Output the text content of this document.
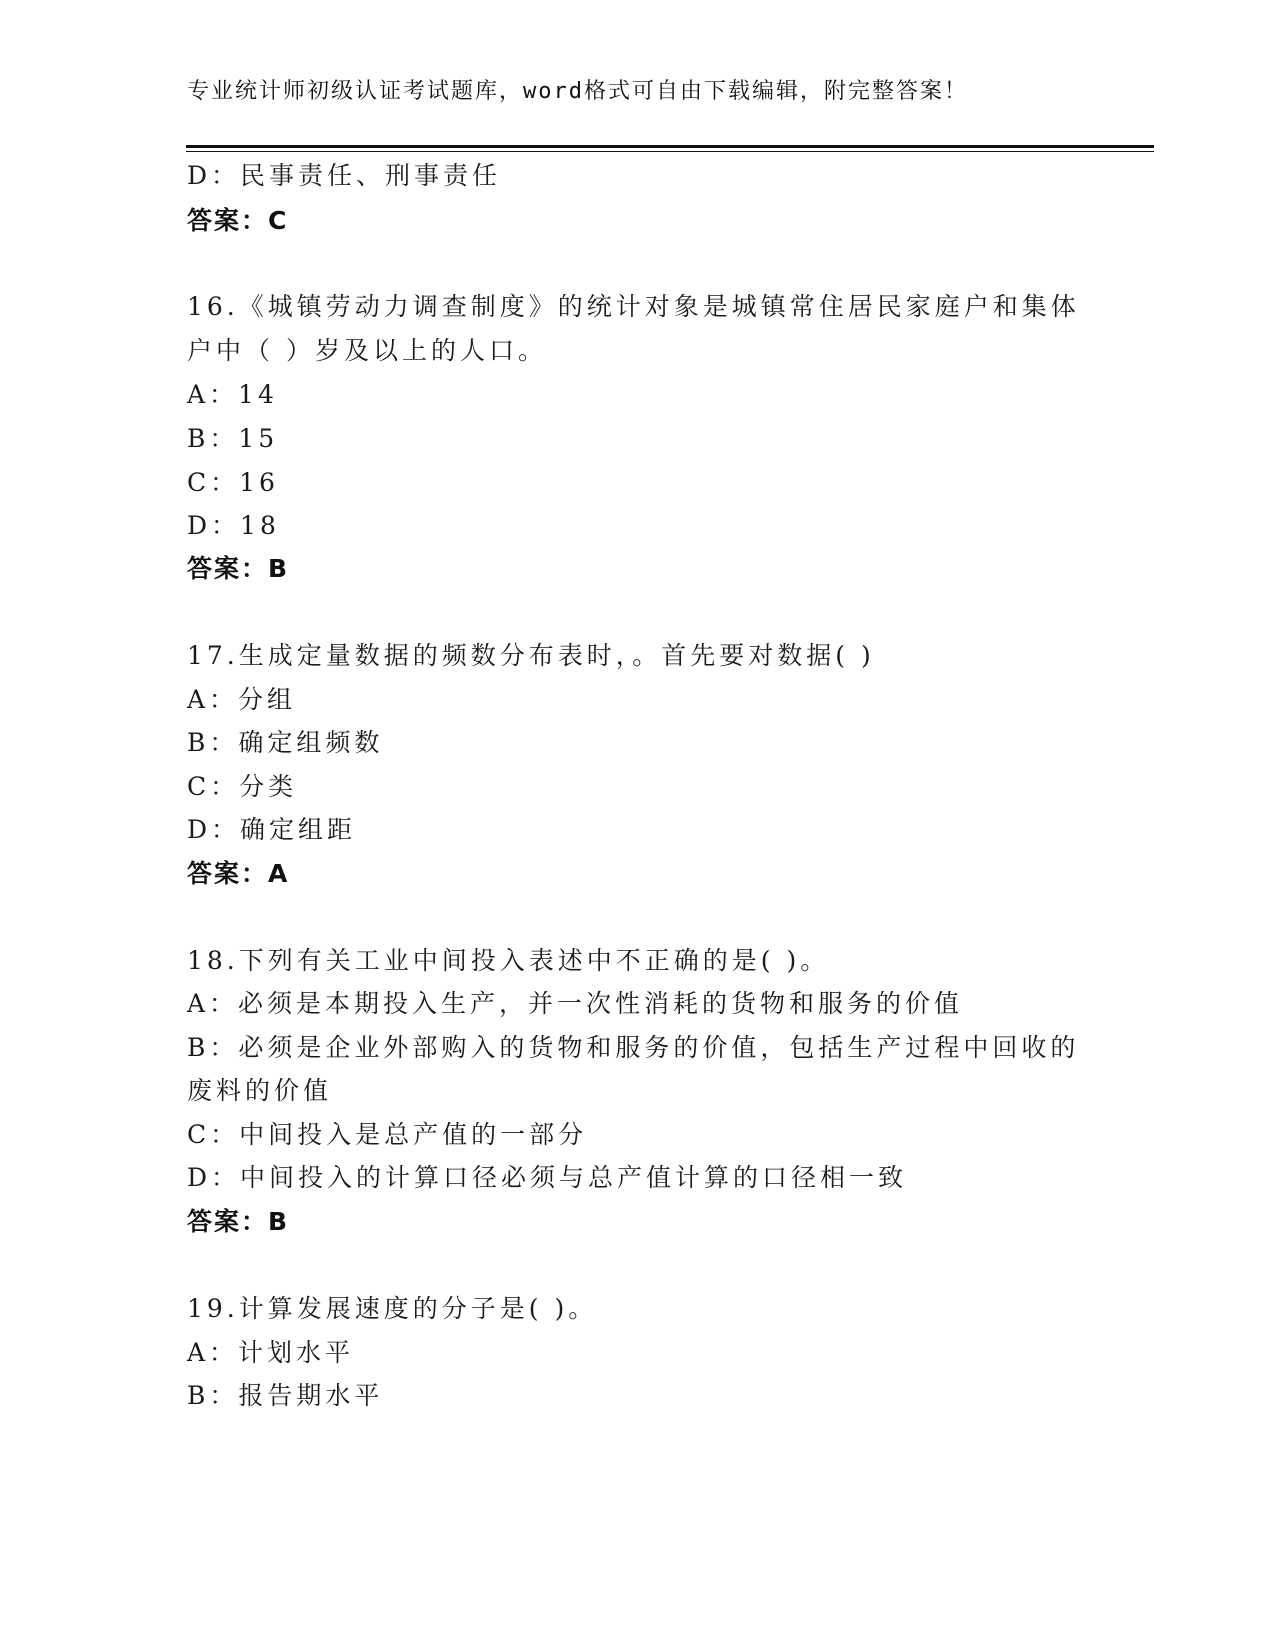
专业统计师初级认证考试题库，word格式可自由下载编辑，附完整答案！
D：民事责任、刑事责任
答案：C
16.《城镇劳动力调查制度》的统计对象是城镇常住居民家庭户和集体
户中（ ）岁及以上的人口。
A：14
B：15
C：16
D：18
答案：B
17.生成定量数据的频数分布表时，。首先要对数据( )
A：分组
B：确定组频数
C：分类
D：确定组距
答案：A
18.下列有关工业中间投入表述中不正确的是( )。
A：必须是本期投入生产，并一次性消耗的货物和服务的价值
B：必须是企业外部购入的货物和服务的价值，包括生产过程中回收的
废料的价值
C：中间投入是总产值的一部分
D：中间投入的计算口径必须与总产值计算的口径相一致
答案：B
19.计算发展速度的分子是( )。
A：计划水平
B：报告期水平
